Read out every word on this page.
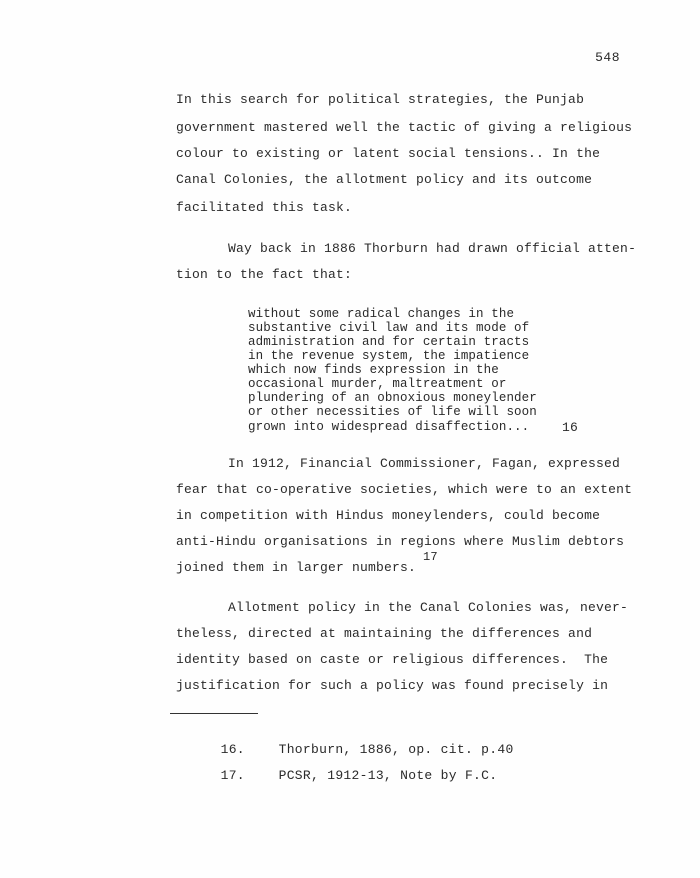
548
In this search for political strategies, the Punjab
government mastered well the tactic of giving a religious
colour to existing or latent social tensions.. In the
Canal Colonies, the allotment policy and its outcome
facilitated this task.
Way back in 1886 Thorburn had drawn official atten-
tion to the fact that:
without some radical changes in the
substantive civil law and its mode of
administration and for certain tracts
in the revenue system, the impatience
which now finds expression in the
occasional murder, maltreatment or
plundering of an obnoxious moneylender
or other necessities of life will soon
grown into widespread disaffection...	16
In 1912, Financial Commissioner, Fagan, expressed
fear that co-operative societies, which were to an extent
in competition with Hindus moneylenders, could become
anti-Hindu organisations in regions where Muslim debtors
joined them in larger numbers.
17
Allotment policy in the Canal Colonies was, never-
theless, directed at maintaining the differences and
identity based on caste or religious differences.  The
justification for such a policy was found precisely in

16.	Thorburn, 1886, op. cit. p.40

17.	PCSR, 1912-13, Note by F.C.
